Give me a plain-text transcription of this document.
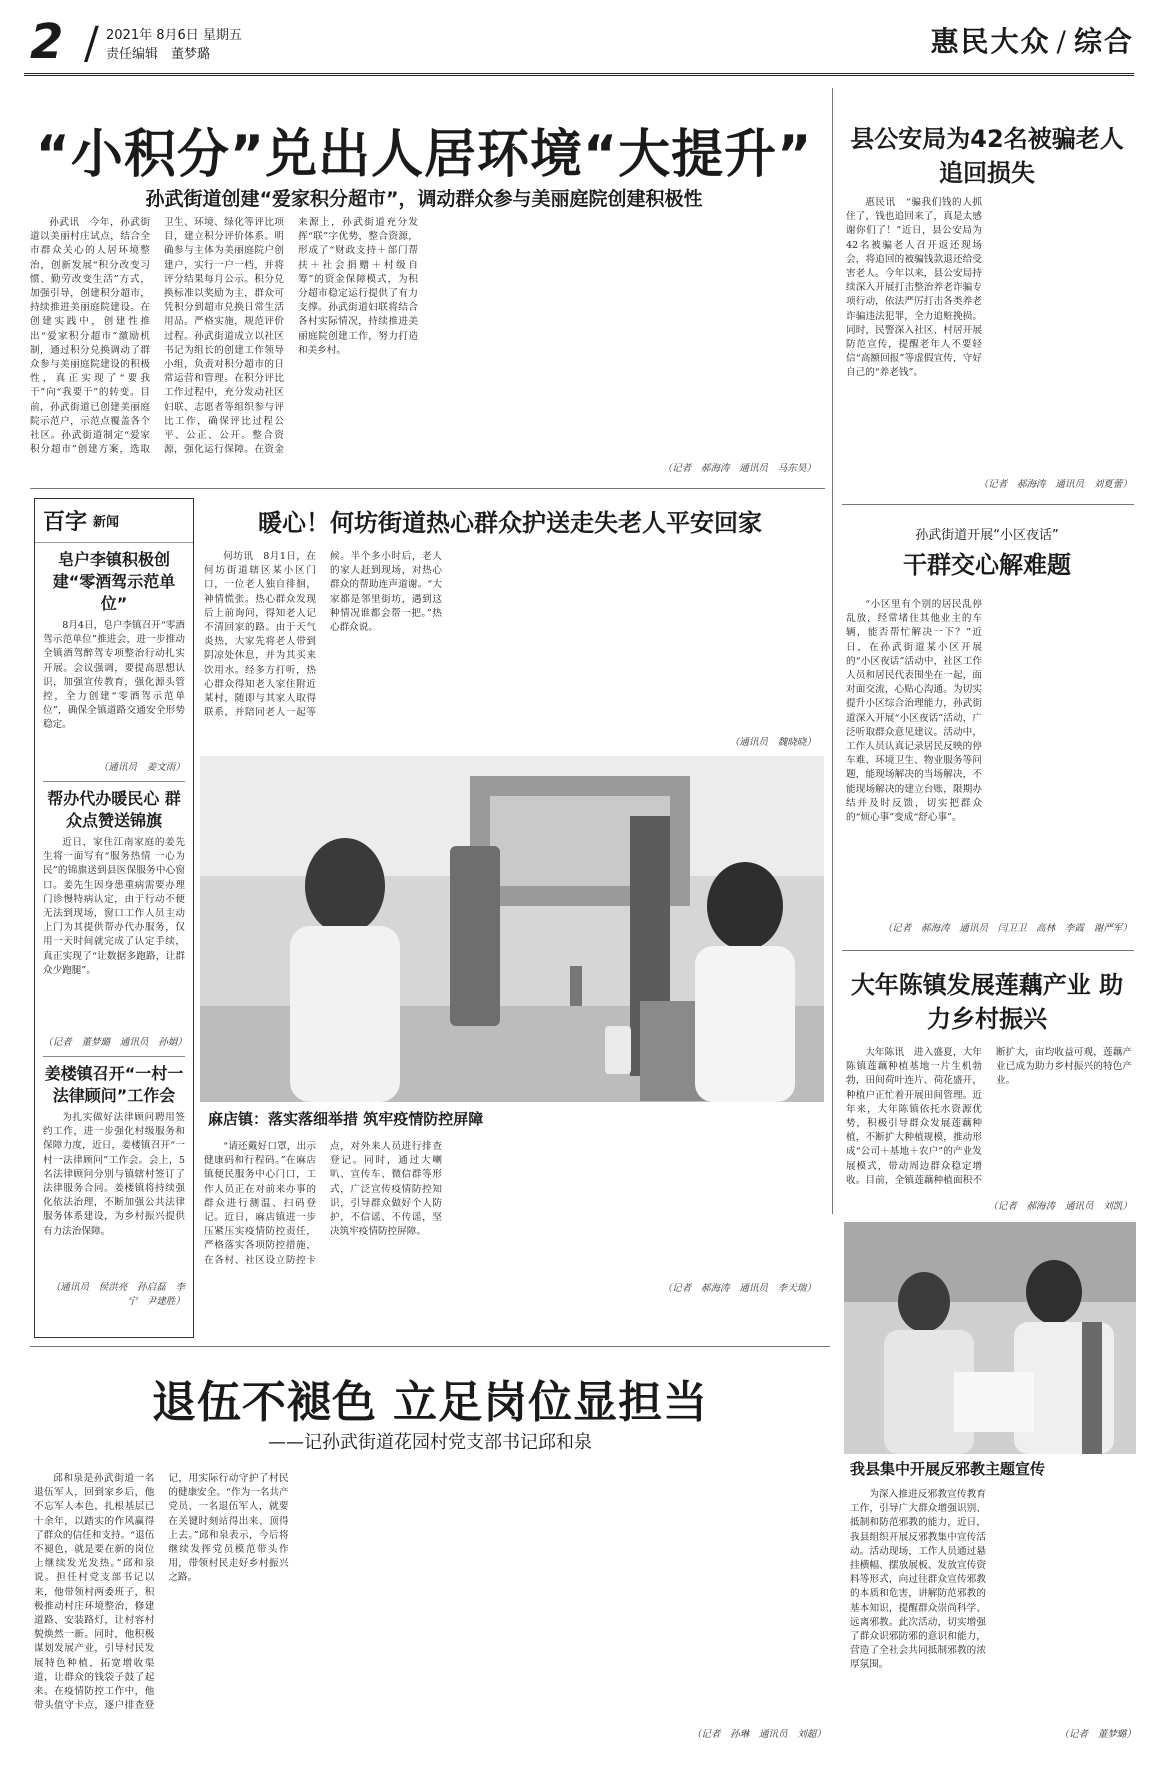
2 / 2021年 8月6日 星期五
责任编辑　董梦璐	惠民大众 / 综合
“小积分”兑出人居环境“大提升”
孙武街道创建“爱家积分超市”，调动群众参与美丽庭院创建积极性
孙武讯　今年，孙武街道以美丽村庄试点，结合全市群众关心的人居环境整治，创新发展“积分改变习惯、勤劳改变生活”方式，加强引导，创建积分超市，持续推进美丽庭院建设。在创建实践中，创建性推出“爱家积分超市”激励机制，通过积分兑换调动了群众参与美丽庭院建设的积极性，真正实现了“要我干”向“我要干”的转变。目前，孙武街道已创建美丽庭院示范户，示范点覆盖各个社区。孙武街道制定“爱家积分超市”创建方案，选取卫生、环境、绿化等评比项目，建立积分评价体系。明确参与主体为美丽庭院户创建户，实行一户一档，并将评分结果每月公示。积分兑换标准以奖励为主，群众可凭积分到超市兑换日常生活用品。严格实施，规范评价过程。孙武街道成立以社区书记为组长的创建工作领导小组，负责对积分超市的日常运营和管理。在积分评比工作过程中，充分发动社区妇联、志愿者等组织参与评比工作，确保评比过程公平、公正、公开。整合资源，强化运行保障。在资金来源上，孙武街道充分发挥“联”字优势，整合资源，形成了“财政支持＋部门帮扶＋社会捐赠＋村级自筹”的资金保障模式，为积分超市稳定运行提供了有力支撑。孙武街道妇联将结合各村实际情况，持续推进美丽庭院创建工作，努力打造和美乡村。
（记者　郝海涛　通讯员　马东昊）
县公安局为42名被骗老人追回损失
惠民讯　“骗我们钱的人抓住了，钱也追回来了，真是太感谢你们了！”近日，县公安局为42名被骗老人召开返还现场会，将追回的被骗钱款退还给受害老人。今年以来，县公安局持续深入开展打击整治养老诈骗专项行动，依法严厉打击各类养老诈骗违法犯罪，全力追赃挽损。同时，民警深入社区、村居开展防范宣传，提醒老年人不要轻信“高额回报”等虚假宣传，守好自己的“养老钱”。
（记者　郝海涛　通讯员　刘夏蕾）
孙武街道开展“小区夜话”
干群交心解难题
“小区里有个别的居民乱停乱放，经常堵住其他业主的车辆，能否帮忙解决一下？”近日，在孙武街道某小区开展的“小区夜话”活动中，社区工作人员和居民代表围坐在一起，面对面交流，心贴心沟通。为切实提升小区综合治理能力，孙武街道深入开展“小区夜话”活动，广泛听取群众意见建议。活动中，工作人员认真记录居民反映的停车难、环境卫生、物业服务等问题，能现场解决的当场解决，不能现场解决的建立台账，限期办结并及时反馈，切实把群众的“烦心事”变成“舒心事”。
（记者　郝海涛　通讯员　闫卫卫　高林　李霞　谢严军）
大年陈镇发展莲藕产业 助力乡村振兴
大年陈讯　进入盛夏，大年陈镇莲藕种植基地一片生机勃勃，田间荷叶连片、荷花盛开，种植户正忙着开展田间管理。近年来，大年陈镇依托水资源优势，积极引导群众发展莲藕种植，不断扩大种植规模，推动形成“公司＋基地＋农户”的产业发展模式，带动周边群众稳定增收。目前，全镇莲藕种植面积不断扩大，亩均收益可观，莲藕产业已成为助力乡村振兴的特色产业。
（记者　郝海涛　通讯员　刘凯）
百字 新闻
皂户李镇积极创建“零酒驾示范单位”
8月4日，皂户李镇召开“零酒驾示范单位”推进会，进一步推动全镇酒驾醉驾专项整治行动扎实开展。会议强调，要提高思想认识，加强宣传教育，强化源头管控，全力创建“零酒驾示范单位”，确保全镇道路交通安全形势稳定。
（通讯员　姜文雨）
帮办代办暖民心 群众点赞送锦旗
近日，家住江南家庭的姜先生将一面写有“服务热情 一心为民”的锦旗送到县医保服务中心窗口。姜先生因身患重病需要办理门诊慢特病认定，由于行动不便无法到现场，窗口工作人员主动上门为其提供帮办代办服务，仅用一天时间就完成了认定手续，真正实现了“让数据多跑路，让群众少跑腿”。
（记者　董梦璐　通讯员　孙娟）
姜楼镇召开“一村一法律顾问”工作会
为扎实做好法律顾问聘用签约工作，进一步强化村级服务和保障力度，近日，姜楼镇召开“一村一法律顾问”工作会。会上，5名法律顾问分别与镇辖村签订了法律服务合同。姜楼镇将持续强化依法治理，不断加强公共法律服务体系建设，为乡村振兴提供有力法治保障。
（通讯员　侯洪亮　孙启磊　李宁　尹建胜）
暖心！何坊街道热心群众护送走失老人平安回家
何坊讯　8月1日，在何坊街道辖区某小区门口，一位老人独自徘徊，神情慌张。热心群众发现后上前询问，得知老人记不清回家的路。由于天气炎热，大家先将老人带到阴凉处休息，并为其买来饮用水。经多方打听，热心群众得知老人家住附近某村，随即与其家人取得联系，并陪同老人一起等候。半个多小时后，老人的家人赶到现场，对热心群众的帮助连声道谢。“大家都是邻里街坊，遇到这种情况谁都会帮一把。”热心群众说。
（通讯员　魏晓晓）
麻店镇：落实落细举措 筑牢疫情防控屏障
“请还戴好口罩，出示健康码和行程码。”在麻店镇便民服务中心门口，工作人员正在对前来办事的群众进行测温、扫码登记。近日，麻店镇进一步压紧压实疫情防控责任，严格落实各项防控措施，在各村、社区设立防控卡点，对外来人员进行排查登记。同时，通过大喇叭、宣传车、微信群等形式，广泛宣传疫情防控知识，引导群众做好个人防护，不信谣、不传谣，坚决筑牢疫情防控屏障。
（记者　郝海涛　通讯员　李天瑞）
我县集中开展反邪教主题宣传
为深入推进反邪教宣传教育工作，引导广大群众增强识别、抵制和防范邪教的能力，近日，我县组织开展反邪教集中宣传活动。活动现场，工作人员通过悬挂横幅、摆放展板、发放宣传资料等形式，向过往群众宣传邪教的本质和危害，讲解防范邪教的基本知识，提醒群众崇尚科学、远离邪教。此次活动，切实增强了群众识邪防邪的意识和能力，营造了全社会共同抵制邪教的浓厚氛围。
（记者　董梦璐）
退伍不褪色 立足岗位显担当
——记孙武街道花园村党支部书记邱和泉
邱和泉是孙武街道一名退伍军人，回到家乡后，他不忘军人本色，扎根基层已十余年，以踏实的作风赢得了群众的信任和支持。“退伍不褪色，就是要在新的岗位上继续发光发热。”邱和泉说。担任村党支部书记以来，他带领村两委班子，积极推动村庄环境整治，修建道路、安装路灯，让村容村貌焕然一新。同时，他积极谋划发展产业，引导村民发展特色种植，拓宽增收渠道，让群众的钱袋子鼓了起来。在疫情防控工作中，他带头值守卡点，逐户排查登记，用实际行动守护了村民的健康安全。“作为一名共产党员、一名退伍军人，就要在关键时刻站得出来、顶得上去。”邱和泉表示，今后将继续发挥党员模范带头作用，带领村民走好乡村振兴之路。
（记者　孙琳　通讯员　刘超）
